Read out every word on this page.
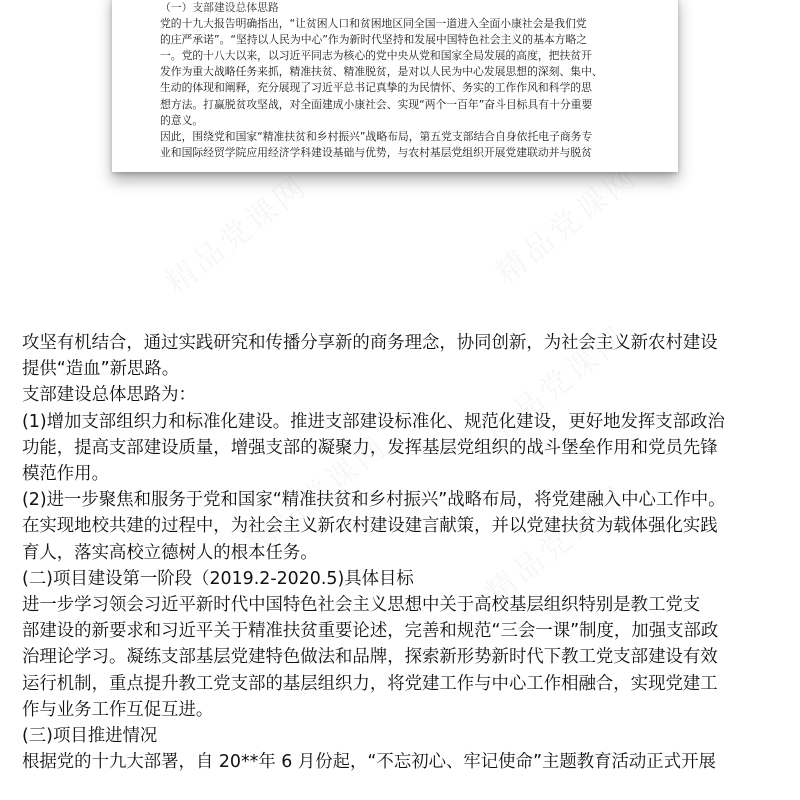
精品党课网	精品党课网
精品党课网
精品党课网	精品党课网
（一）支部建设总体思路
党的十九大报告明确指出，“让贫困人口和贫困地区同全国一道进入全面小康社会是我们党
的庄严承诺”。“坚持以人民为中心”作为新时代坚持和发展中国特色社会主义的基本方略之
一。党的十八大以来，以习近平同志为核心的党中央从党和国家全局发展的高度，把扶贫开
发作为重大战略任务来抓，精准扶贫、精准脱贫，是对以人民为中心发展思想的深刻、集中、
生动的体现和阐释，充分展现了习近平总书记真挚的为民情怀、务实的工作作风和科学的思
想方法。打赢脱贫攻坚战，对全面建成小康社会、实现“两个一百年”奋斗目标具有十分重要
的意义。
因此，围绕党和国家“精准扶贫和乡村振兴”战略布局，第五党支部结合自身依托电子商务专
业和国际经贸学院应用经济学科建设基础与优势，与农村基层党组织开展党建联动并与脱贫
攻坚有机结合，通过实践研究和传播分享新的商务理念，协同创新，为社会主义新农村建设
提供“造血”新思路。
支部建设总体思路为：
(1)增加支部组织力和标准化建设。推进支部建设标准化、规范化建设，更好地发挥支部政治
功能，提高支部建设质量，增强支部的凝聚力，发挥基层党组织的战斗堡垒作用和党员先锋
模范作用。
(2)进一步聚焦和服务于党和国家“精准扶贫和乡村振兴”战略布局，将党建融入中心工作中。
在实现地校共建的过程中，为社会主义新农村建设建言献策，并以党建扶贫为载体强化实践
育人，落实高校立德树人的根本任务。
(二)项目建设第一阶段（2019.2-2020.5)具体目标
进一步学习领会习近平新时代中国特色社会主义思想中关于高校基层组织特别是教工党支
部建设的新要求和习近平关于精准扶贫重要论述，完善和规范“三会一课”制度，加强支部政
治理论学习。凝练支部基层党建特色做法和品牌，探索新形势新时代下教工党支部建设有效
运行机制，重点提升教工党支部的基层组织力，将党建工作与中心工作相融合，实现党建工
作与业务工作互促互进。
(三)项目推进情况
根据党的十九大部署，自 20**年 6 月份起，“不忘初心、牢记使命”主题教育活动正式开展
